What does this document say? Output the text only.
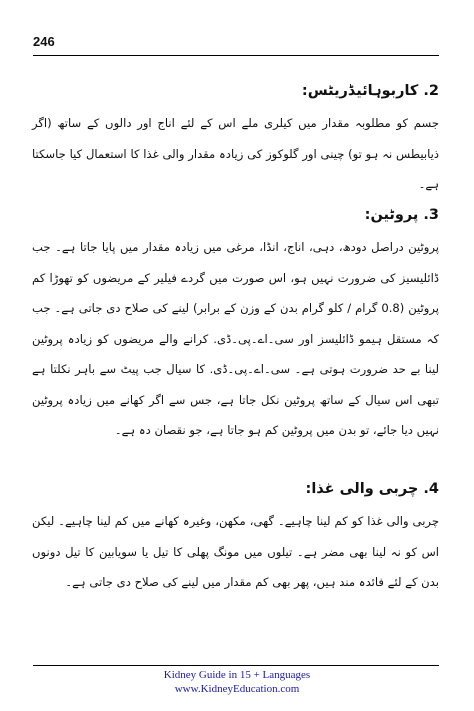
246
2. کاربوہائیڈریٹس:

جسم کو مطلوبہ مقدار میں کیلری ملے اس کے لئے اناج اور دالوں کے ساتھ (اگر ذیابیطس نہ ہو تو) چینی اور گلوکوز کی زیادہ مقدار والی غذا کا استعمال کیا جاسکتا ہے۔

3. پروٹین:

پروٹین دراصل دودھ، دہی، اناج، انڈا، مرغی میں زیادہ مقدار میں پایا جاتا ہے۔ جب ڈائلیسیز کی ضرورت نہیں ہو، اس صورت میں گردے فیلیر کے مریضوں کو تھوڑا کم پروٹین (0.8 گرام / کلو گرام بدن کے وزن کے برابر) لینے کی صلاح دی جاتی ہے۔ جب کہ مستقل ہیمو ڈائلیسز اور سی۔اے۔پی۔ڈی. کرانے والے مریضوں کو زیادہ پروٹین لینا بے حد ضرورت ہوتی ہے۔ سی۔اے۔پی۔ڈی. کا سیال جب پیٹ سے باہر نکلتا ہے تبھی اس سیال کے ساتھ پروٹین نکل جاتا ہے، جس سے اگر کھانے میں زیادہ پروٹین نہیں دیا جائے، تو بدن میں پروٹین کم ہو جاتا ہے، جو نقصان دہ ہے۔

4. چربی والی غذا:

چربی والی غذا کو کم لینا چاہیے۔ گھی، مکھن، وغیرہ کھانے میں کم لینا چاہیے۔ لیکن اس کو نہ لینا بھی مضر ہے۔ تیلوں میں مونگ پھلی کا تیل یا سویابین کا تیل دونوں بدن کے لئے فائدہ مند ہیں، پھر بھی کم مقدار میں لینے کی صلاح دی جاتی ہے۔

Kidney Guide in 15 + Languages
www.KidneyEducation.com
